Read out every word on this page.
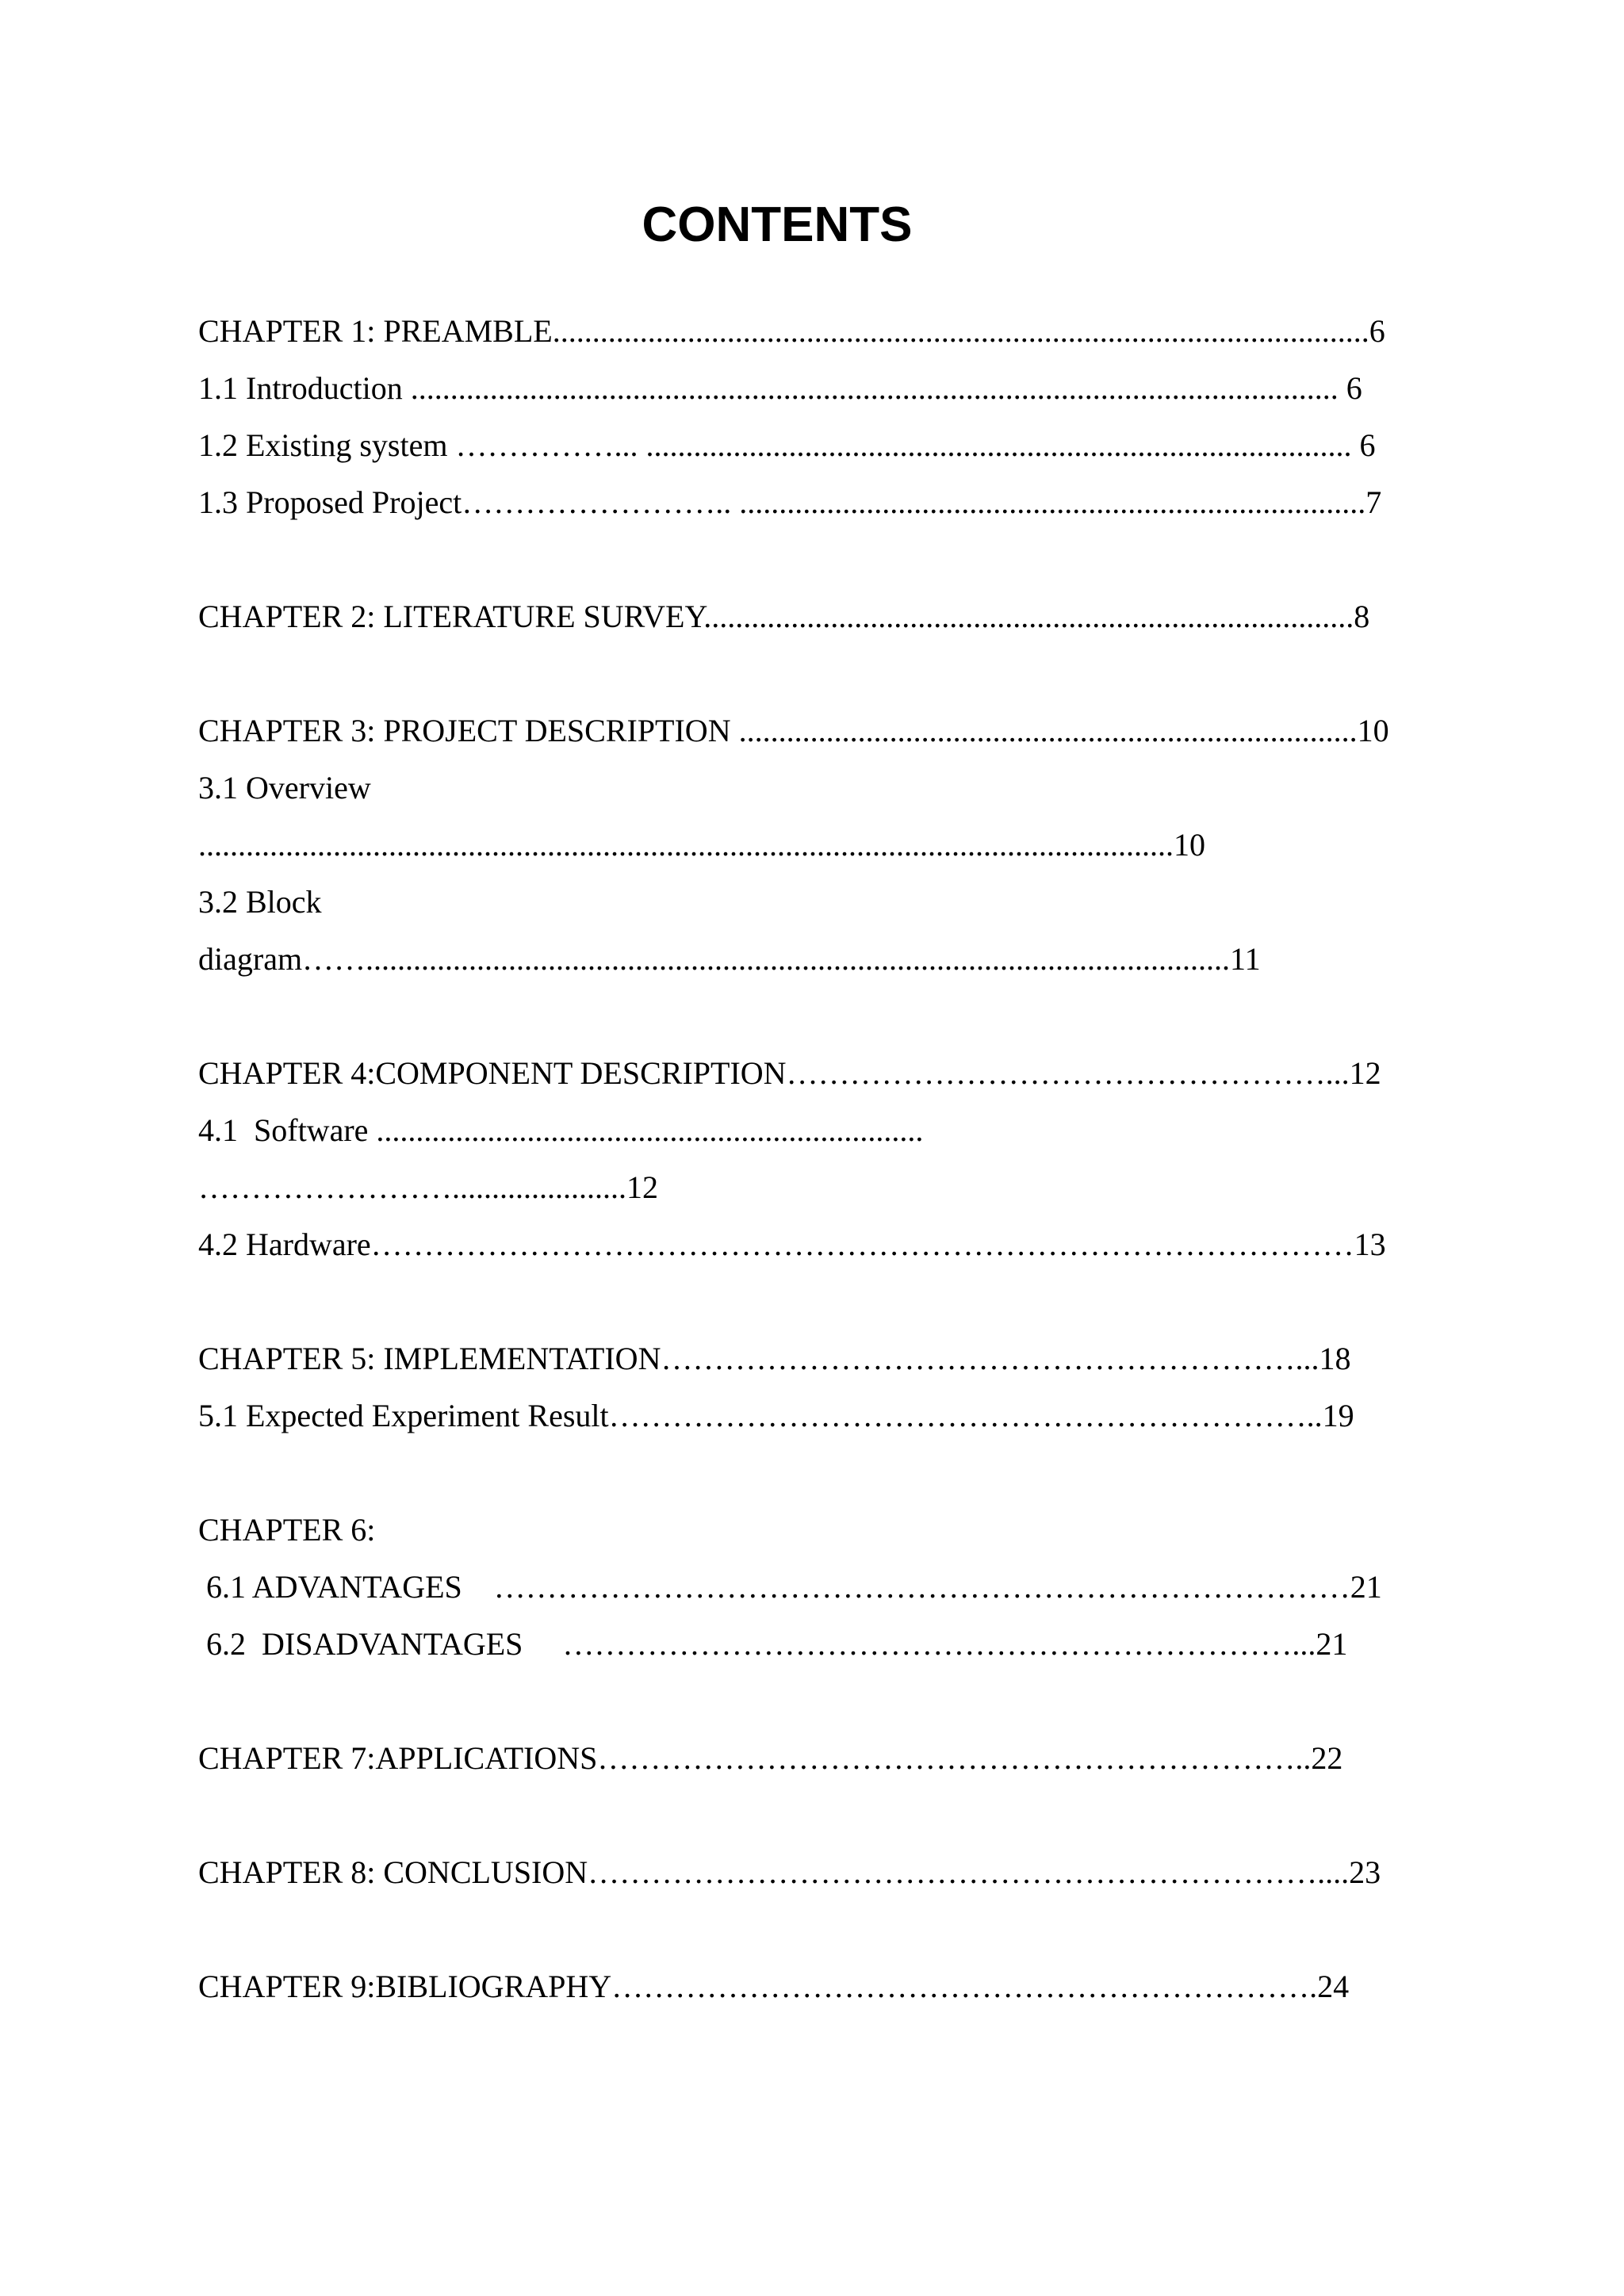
CONTENTS

CHAPTER 1: PREAMBLE.......................................................................................................6

1.1 Introduction ..................................................................................................................... 6

1.2 Existing system ……………... ......................................................................................... 6

1.3 Proposed Project…………………….. ...............................................................................7

CHAPTER 2: LITERATURE SURVEY..................................................................................8

CHAPTER 3: PROJECT DESCRIPTION ..............................................................................10

3.1 Overview

...........................................................................................................................10

3.2 Block

diagram…….............................................................................................................11

CHAPTER 4:COMPONENT DESCRIPTION……………………………………………...12

4.1  Software .....................................................................

……………………......................12

4.2 Hardware…………………………………………………………………………………13

CHAPTER 5: IMPLEMENTATION……………………………………………………...18

5.1 Expected Experiment Result…………………………………………………………..19

CHAPTER 6:

6.1 ADVANTAGES    ………………………………………………………………………21

6.2  DISADVANTAGES     ……………………………………………………………...21

CHAPTER 7:APPLICATIONS…………………………………………………………..22

CHAPTER 8: CONCLUSION……………………………………………………………....23

CHAPTER 9:BIBLIOGRAPHY………………………………………………………….24
